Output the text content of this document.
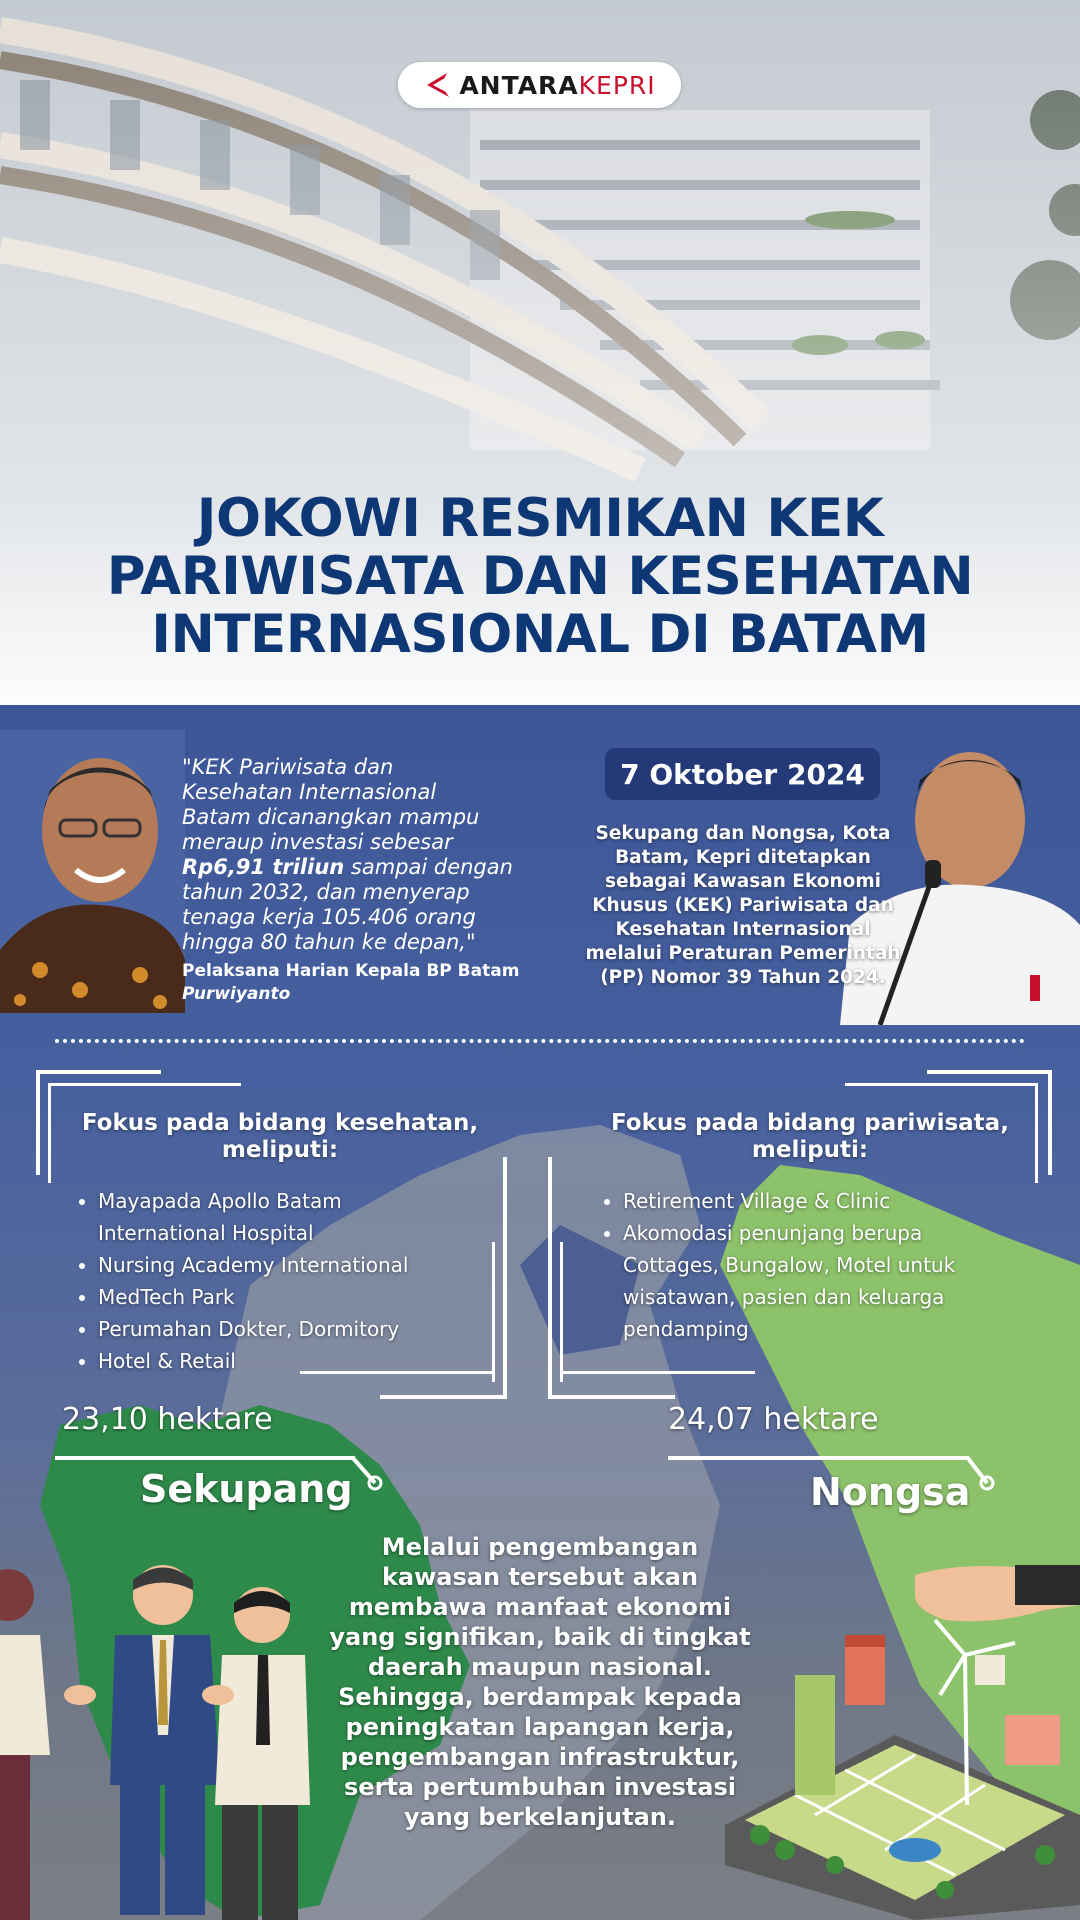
JOKOWI RESMIKAN KEK
PARIWISATA DAN KESEHATAN
INTERNASIONAL DI BATAM
ANTARA KEPRI
"KEK Pariwisata dan
Kesehatan Internasional
Batam dicanangkan mampu
meraup investasi sebesar
Rp6,91 triliun sampai dengan
tahun 2032, dan menyerap
tenaga kerja 105.406 orang
hingga 80 tahun ke depan,"
Pelaksana Harian Kepala BP Batam
Purwiyanto
7 Oktober 2024
Sekupang dan Nongsa, Kota
Batam, Kepri ditetapkan
sebagai Kawasan Ekonomi
Khusus (KEK) Pariwisata dan
Kesehatan Internasional
melalui Peraturan Pemerintah
(PP) Nomor 39 Tahun 2024.
Fokus pada bidang kesehatan,
meliputi:
• Mayapada Apollo Batam
International Hospital
• Nursing Academy International
• MedTech Park
• Perumahan Dokter, Dormitory
• Hotel & Retail
Fokus pada bidang pariwisata,
meliputi:
• Retirement Village & Clinic
• Akomodasi penunjang berupa
Cottages, Bungalow, Motel untuk
wisatawan, pasien dan keluarga
pendamping
23,10 hektare
Sekupang
24,07 hektare
Nongsa
Melalui pengembangan
kawasan tersebut akan
membawa manfaat ekonomi
yang signifikan, baik di tingkat
daerah maupun nasional.
Sehingga, berdampak kepada
peningkatan lapangan kerja,
pengembangan infrastruktur,
serta pertumbuhan investasi
yang berkelanjutan.
